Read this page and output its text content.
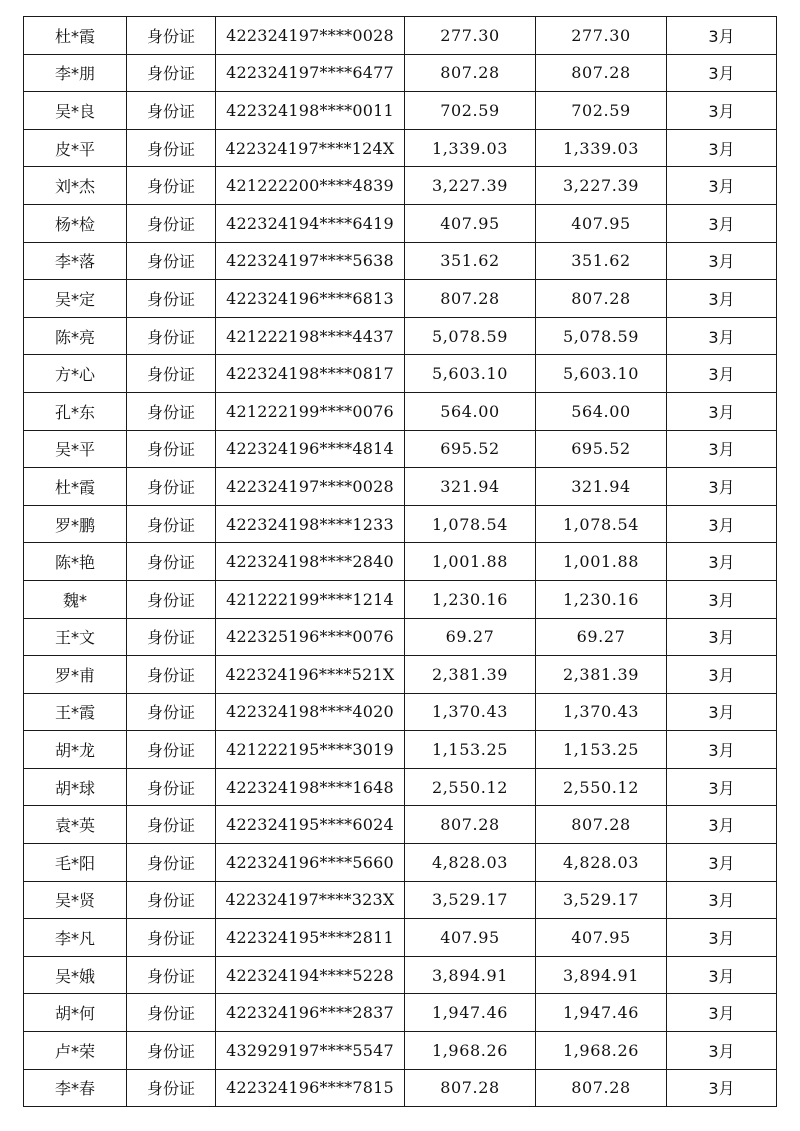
杜*霞	身份证	422324197****0028	277.30	277.30	3月
李*朋	身份证	422324197****6477	807.28	807.28	3月
吴*良	身份证	422324198****0011	702.59	702.59	3月
皮*平	身份证	422324197****124X	1,339.03	1,339.03	3月
刘*杰	身份证	421222200****4839	3,227.39	3,227.39	3月
杨*检	身份证	422324194****6419	407.95	407.95	3月
李*落	身份证	422324197****5638	351.62	351.62	3月
吴*定	身份证	422324196****6813	807.28	807.28	3月
陈*亮	身份证	421222198****4437	5,078.59	5,078.59	3月
方*心	身份证	422324198****0817	5,603.10	5,603.10	3月
孔*东	身份证	421222199****0076	564.00	564.00	3月
吴*平	身份证	422324196****4814	695.52	695.52	3月
杜*霞	身份证	422324197****0028	321.94	321.94	3月
罗*鹏	身份证	422324198****1233	1,078.54	1,078.54	3月
陈*艳	身份证	422324198****2840	1,001.88	1,001.88	3月
魏*	身份证	421222199****1214	1,230.16	1,230.16	3月
王*文	身份证	422325196****0076	69.27	69.27	3月
罗*甫	身份证	422324196****521X	2,381.39	2,381.39	3月
王*霞	身份证	422324198****4020	1,370.43	1,370.43	3月
胡*龙	身份证	421222195****3019	1,153.25	1,153.25	3月
胡*球	身份证	422324198****1648	2,550.12	2,550.12	3月
袁*英	身份证	422324195****6024	807.28	807.28	3月
毛*阳	身份证	422324196****5660	4,828.03	4,828.03	3月
吴*贤	身份证	422324197****323X	3,529.17	3,529.17	3月
李*凡	身份证	422324195****2811	407.95	407.95	3月
吴*娥	身份证	422324194****5228	3,894.91	3,894.91	3月
胡*何	身份证	422324196****2837	1,947.46	1,947.46	3月
卢*荣	身份证	432929197****5547	1,968.26	1,968.26	3月
李*春	身份证	422324196****7815	807.28	807.28	3月
